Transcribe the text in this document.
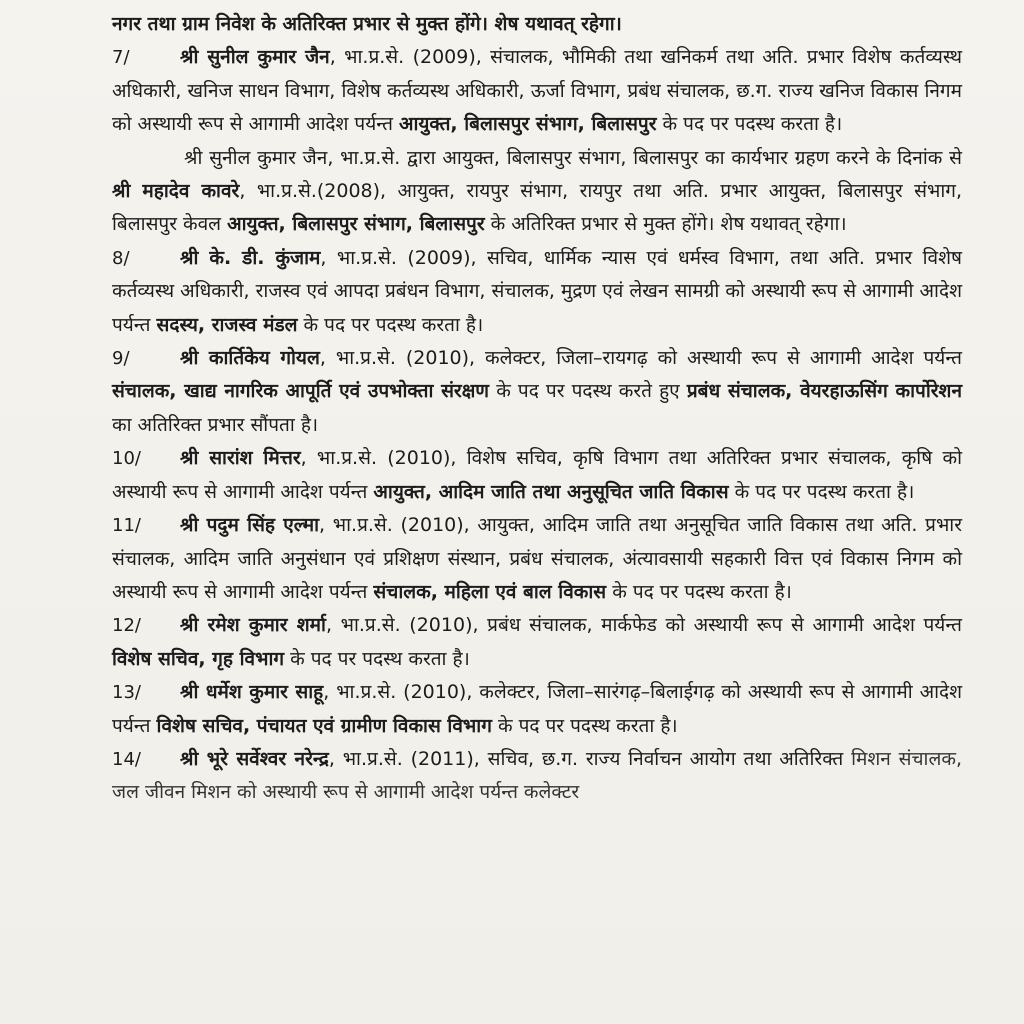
नगर तथा ग्राम निवेश के अतिरिक्त प्रभार से मुक्त होंगे। शेष यथावत् रहेगा।

7/	श्री सुनील कुमार जैन, भा.प्र.से. (2009), संचालक, भौमिकी तथा खनिकर्म तथा अति. प्रभार विशेष कर्तव्यस्थ अधिकारी, खनिज साधन विभाग, विशेष कर्तव्यस्थ अधिकारी, ऊर्जा विभाग, प्रबंध संचालक, छ.ग. राज्य खनिज विकास निगम को अस्थायी रूप से आगामी आदेश पर्यन्त आयुक्त, बिलासपुर संभाग, बिलासपुर के पद पर पदस्थ करता है।

श्री सुनील कुमार जैन, भा.प्र.से. द्वारा आयुक्त, बिलासपुर संभाग, बिलासपुर का कार्यभार ग्रहण करने के दिनांक से श्री महादेव कावरे, भा.प्र.से.(2008), आयुक्त, रायपुर संभाग, रायपुर तथा अति. प्रभार आयुक्त, बिलासपुर संभाग, बिलासपुर केवल आयुक्त, बिलासपुर संभाग, बिलासपुर के अतिरिक्त प्रभार से मुक्त होंगे। शेष यथावत् रहेगा।

8/	श्री के. डी. कुंजाम, भा.प्र.से. (2009), सचिव, धार्मिक न्यास एवं धर्मस्व विभाग, तथा अति. प्रभार विशेष कर्तव्यस्थ अधिकारी, राजस्व एवं आपदा प्रबंधन विभाग, संचालक, मुद्रण एवं लेखन सामग्री को अस्थायी रूप से आगामी आदेश पर्यन्त सदस्य, राजस्व मंडल के पद पर पदस्थ करता है।

9/	श्री कार्तिकेय गोयल, भा.प्र.से. (2010), कलेक्टर, जिला–रायगढ़ को अस्थायी रूप से आगामी आदेश पर्यन्त संचालक, खाद्य नागरिक आपूर्ति एवं उपभोक्ता संरक्षण के पद पर पदस्थ करते हुए प्रबंध संचालक, वेयरहाऊसिंग कार्पोरेशन का अतिरिक्त प्रभार सौंपता है।

10/ श्री सारांश मित्तर, भा.प्र.से. (2010), विशेष सचिव, कृषि विभाग तथा अतिरिक्त प्रभार संचालक, कृषि को अस्थायी रूप से आगामी आदेश पर्यन्त आयुक्त, आदिम जाति तथा अनुसूचित जाति विकास के पद पर पदस्थ करता है।

11/ श्री पदुम सिंह एल्मा, भा.प्र.से. (2010), आयुक्त, आदिम जाति तथा अनुसूचित जाति विकास तथा अति. प्रभार संचालक, आदिम जाति अनुसंधान एवं प्रशिक्षण संस्थान, प्रबंध संचालक, अंत्यावसायी सहकारी वित्त एवं विकास निगम को अस्थायी रूप से आगामी आदेश पर्यन्त संचालक, महिला एवं बाल विकास के पद पर पदस्थ करता है।

12/ श्री रमेश कुमार शर्मा, भा.प्र.से. (2010), प्रबंध संचालक, मार्कफेड को अस्थायी रूप से आगामी आदेश पर्यन्त विशेष सचिव, गृह विभाग के पद पर पदस्थ करता है।

13/ श्री धर्मेश कुमार साहू, भा.प्र.से. (2010), कलेक्टर, जिला–सारंगढ़–बिलाईगढ़ को अस्थायी रूप से आगामी आदेश पर्यन्त विशेष सचिव, पंचायत एवं ग्रामीण विकास विभाग के पद पर पदस्थ करता है।

14/ श्री भूरे सर्वेश्वर नरेन्द्र, भा.प्र.से. (2011), सचिव, छ.ग. राज्य निर्वाचन आयोग तथा अतिरिक्त मिशन संचालक, जल जीवन मिशन को अस्थायी रूप से आगामी आदेश पर्यन्त कलेक्टर
